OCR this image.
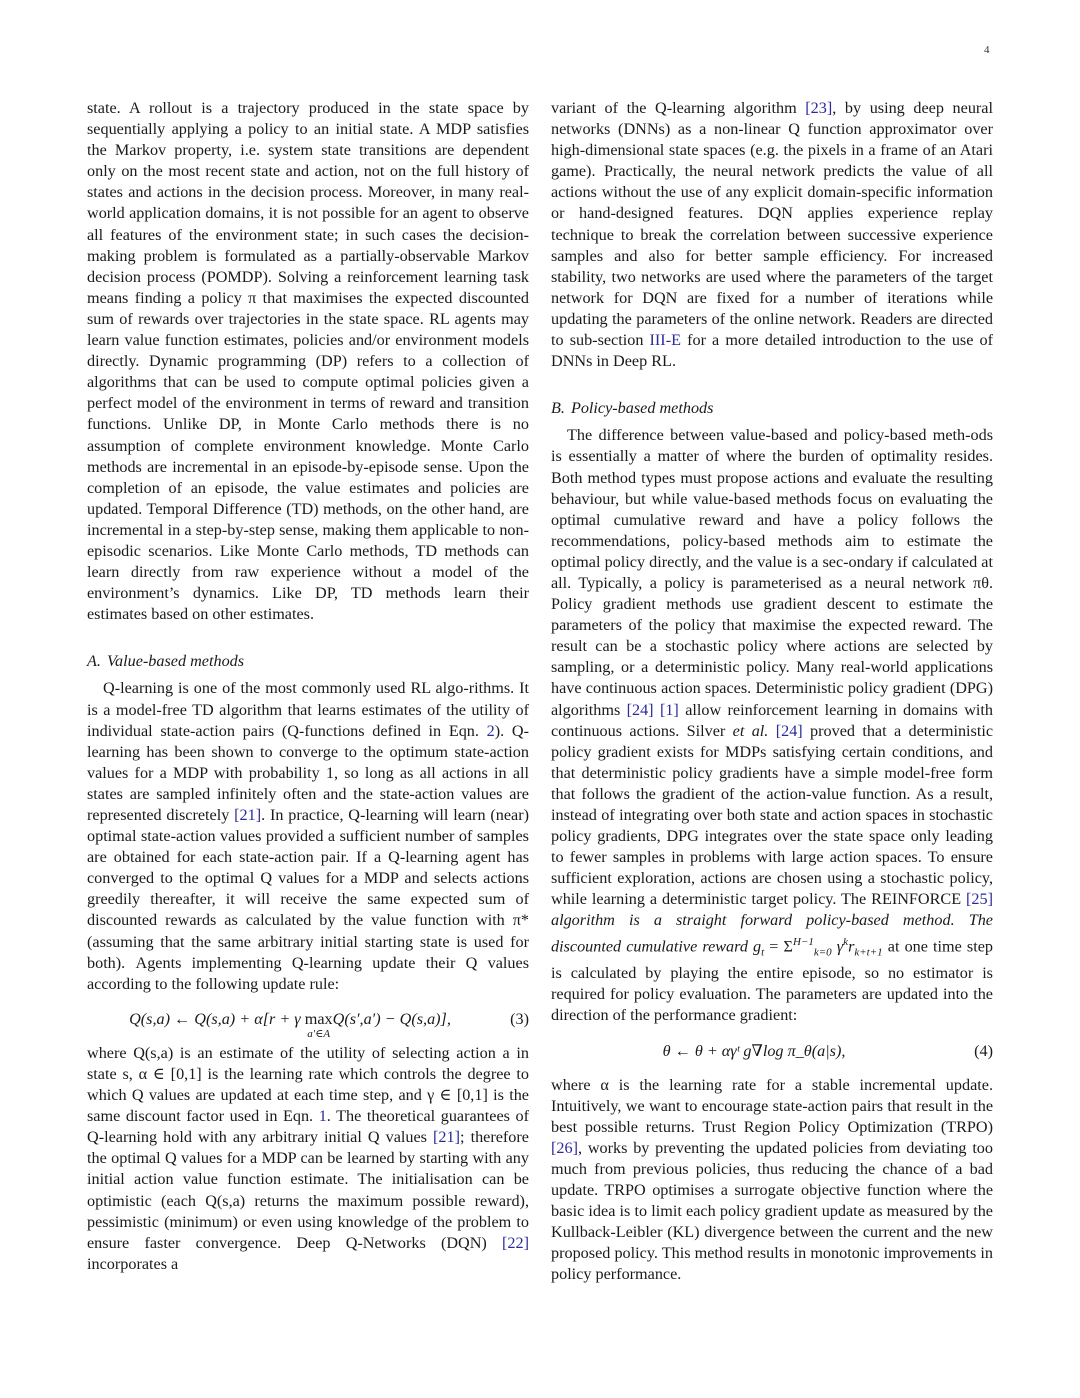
4

state. A rollout is a trajectory produced in the state space by sequentially applying a policy to an initial state. A MDP satisfies the Markov property, i.e. system state transitions are dependent only on the most recent state and action, not on the full history of states and actions in the decision process. Moreover, in many real-world application domains, it is not possible for an agent to observe all features of the environment state; in such cases the decision-making problem is formulated as a partially-observable Markov decision process (POMDP). Solving a reinforcement learning task means finding a policy π that maximises the expected discounted sum of rewards over trajectories in the state space. RL agents may learn value function estimates, policies and/or environment models directly. Dynamic programming (DP) refers to a collection of algorithms that can be used to compute optimal policies given a perfect model of the environment in terms of reward and transition functions. Unlike DP, in Monte Carlo methods there is no assumption of complete environment knowledge. Monte Carlo methods are incremental in an episode-by-episode sense. Upon the completion of an episode, the value estimates and policies are updated. Temporal Difference (TD) methods, on the other hand, are incremental in a step-by-step sense, making them applicable to non-episodic scenarios. Like Monte Carlo methods, TD methods can learn directly from raw experience without a model of the environment’s dynamics. Like DP, TD methods learn their estimates based on other estimates.

A. Value-based methods

Q-learning is one of the most commonly used RL algo-rithms. It is a model-free TD algorithm that learns estimates of the utility of individual state-action pairs (Q-functions defined in Eqn. 2). Q-learning has been shown to converge to the optimum state-action values for a MDP with probability 1, so long as all actions in all states are sampled infinitely often and the state-action values are represented discretely [21]. In practice, Q-learning will learn (near) optimal state-action values provided a sufficient number of samples are obtained for each state-action pair. If a Q-learning agent has converged to the optimal Q values for a MDP and selects actions greedily thereafter, it will receive the same expected sum of discounted rewards as calculated by the value function with π* (assuming that the same arbitrary initial starting state is used for both). Agents implementing Q-learning update their Q values according to the following update rule:

Q(s,a) ← Q(s,a) + α[r + γ max
a′∈A
Q(s′,a′) − Q(s,a)],	(3)

where Q(s,a) is an estimate of the utility of selecting action a in state s, α ∈ [0,1] is the learning rate which controls the degree to which Q values are updated at each time step, and γ ∈ [0,1] is the same discount factor used in Eqn. 1. The theoretical guarantees of Q-learning hold with any arbitrary initial Q values [21]; therefore the optimal Q values for a MDP can be learned by starting with any initial action value function estimate. The initialisation can be optimistic (each Q(s,a) returns the maximum possible reward), pessimistic (minimum) or even using knowledge of the problem to ensure faster convergence. Deep Q-Networks (DQN) [22] incorporates a

variant of the Q-learning algorithm [23], by using deep neural networks (DNNs) as a non-linear Q function approximator over high-dimensional state spaces (e.g. the pixels in a frame of an Atari game). Practically, the neural network predicts the value of all actions without the use of any explicit domain-specific information or hand-designed features. DQN applies experience replay technique to break the correlation between successive experience samples and also for better sample efficiency. For increased stability, two networks are used where the parameters of the target network for DQN are fixed for a number of iterations while updating the parameters of the online network. Readers are directed to sub-section III-E for a more detailed introduction to the use of DNNs in Deep RL.

B. Policy-based methods

The difference between value-based and policy-based meth-ods is essentially a matter of where the burden of optimality resides. Both method types must propose actions and evaluate the resulting behaviour, but while value-based methods focus on evaluating the optimal cumulative reward and have a policy follows the recommendations, policy-based methods aim to estimate the optimal policy directly, and the value is a sec-ondary if calculated at all. Typically, a policy is parameterised as a neural network πθ. Policy gradient methods use gradient descent to estimate the parameters of the policy that maximise the expected reward. The result can be a stochastic policy where actions are selected by sampling, or a deterministic policy. Many real-world applications have continuous action spaces. Deterministic policy gradient (DPG) algorithms [24] [1] allow reinforcement learning in domains with continuous actions. Silver et al. [24] proved that a deterministic policy gradient exists for MDPs satisfying certain conditions, and that deterministic policy gradients have a simple model-free form that follows the gradient of the action-value function. As a result, instead of integrating over both state and action spaces in stochastic policy gradients, DPG integrates over the state space only leading to fewer samples in problems with large action spaces. To ensure sufficient exploration, actions are chosen using a stochastic policy, while learning a deterministic target policy. The REINFORCE [25] algorithm is a straight forward policy-based method. The discounted cumulative reward $g_t = \Sigma^{H-1}_{k=0}$ $\gamma^kr_{k+t+1}$ at one time step is calculated by playing the entire episode, so no estimator is required for policy evaluation. The parameters are updated into the direction of the performance gradient:

θ ← θ + αγᵗ g∇log π_θ(a|s),	(4)

where α is the learning rate for a stable incremental update. Intuitively, we want to encourage state-action pairs that result in the best possible returns. Trust Region Policy Optimization (TRPO) [26], works by preventing the updated policies from deviating too much from previous policies, thus reducing the chance of a bad update. TRPO optimises a surrogate objective function where the basic idea is to limit each policy gradient update as measured by the Kullback-Leibler (KL) divergence between the current and the new proposed policy. This method results in monotonic improvements in policy performance.
